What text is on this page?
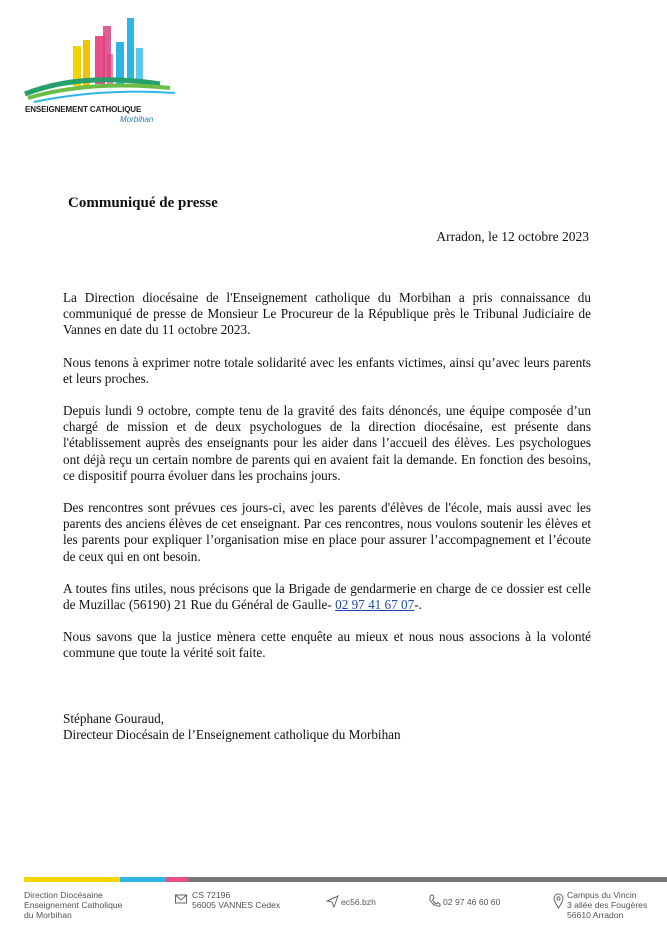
ENSEIGNEMENT CATHOLIQUE
Morbihan
Communiqué de presse
Arradon, le 12 octobre 2023

La Direction diocésaine de l'Enseignement catholique du Morbihan a pris connaissance du communiqué de presse de Monsieur Le Procureur de la République près le Tribunal Judiciaire de Vannes en date du 11 octobre 2023.

Nous tenons à exprimer notre totale solidarité avec les enfants victimes, ainsi qu’avec leurs parents et leurs proches.

Depuis lundi 9 octobre, compte tenu de la gravité des faits dénoncés, une équipe composée d’un chargé de mission et de deux psychologues de la direction diocésaine, est présente dans l'établissement auprès des enseignants pour les aider dans l’accueil des élèves. Les psychologues ont déjà reçu un certain nombre de parents qui en avaient fait la demande. En fonction des besoins, ce dispositif pourra évoluer dans les prochains jours.

Des rencontres sont prévues ces jours-ci, avec les parents d'élèves de l'école, mais aussi avec les parents des anciens élèves de cet enseignant. Par ces rencontres, nous voulons soutenir les élèves et les parents pour expliquer l’organisation mise en place pour assurer l’accompagnement et l’écoute de ceux qui en ont besoin.

A toutes fins utiles, nous précisons que la Brigade de gendarmerie en charge de ce dossier est celle de Muzillac (56190) 21 Rue du Général de Gaulle- 02 97 41 67 07-.

Nous savons que la justice mènera cette enquête au mieux et nous nous associons à la volonté commune que toute la vérité soit faite.

Stéphane Gouraud,
Directeur Diocésain de l’Enseignement catholique du Morbihan
Direction Diocésaine
Enseignement Catholique
du Morbihan
CS 72196
56005 VANNES Cedex	ec56.bzh	02 97 46 60 60
Campus du Vincin
3 allée des Fougères
56610 Arradon
